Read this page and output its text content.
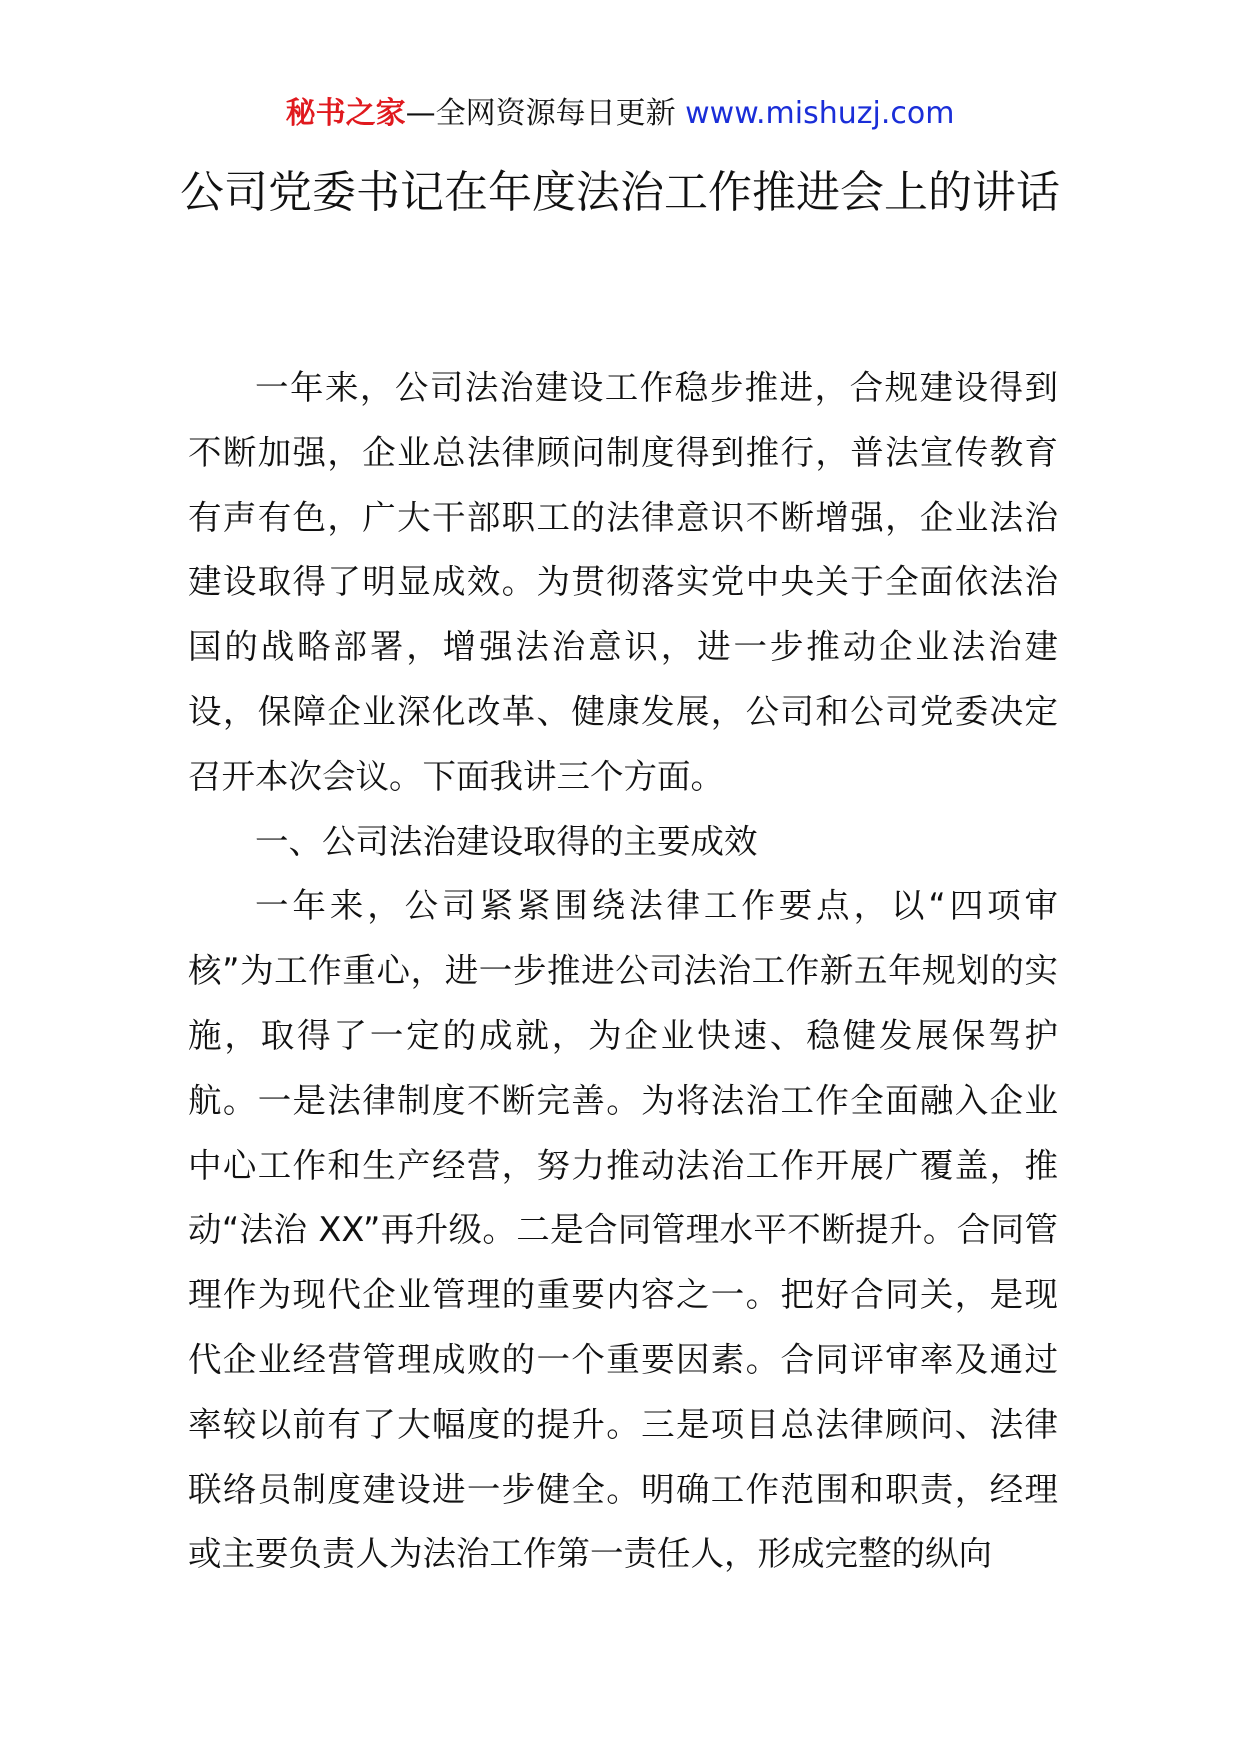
秘书之家—全网资源每日更新 www.mishuzj.com
公司党委书记在年度法治工作推进会上的讲话

一年来，公司法治建设工作稳步推进，合规建设得到不断加强，企业总法律顾问制度得到推行，普法宣传教育有声有色，广大干部职工的法律意识不断增强，企业法治建设取得了明显成效。为贯彻落实党中央关于全面依法治国的战略部署，增强法治意识，进一步推动企业法治建设，保障企业深化改革、健康发展，公司和公司党委决定召开本次会议。下面我讲三个方面。

一、公司法治建设取得的主要成效

一年来，公司紧紧围绕法律工作要点，以“四项审核”为工作重心，进一步推进公司法治工作新五年规划的实施，取得了一定的成就，为企业快速、稳健发展保驾护航。一是法律制度不断完善。为将法治工作全面融入企业中心工作和生产经营，努力推动法治工作开展广覆盖，推动“法治 XX”再升级。二是合同管理水平不断提升。合同管理作为现代企业管理的重要内容之一。把好合同关，是现代企业经营管理成败的一个重要因素。合同评审率及通过率较以前有了大幅度的提升。三是项目总法律顾问、法律联络员制度建设进一步健全。明确工作范围和职责，经理或主要负责人为法治工作第一责任人，形成完整的纵向
